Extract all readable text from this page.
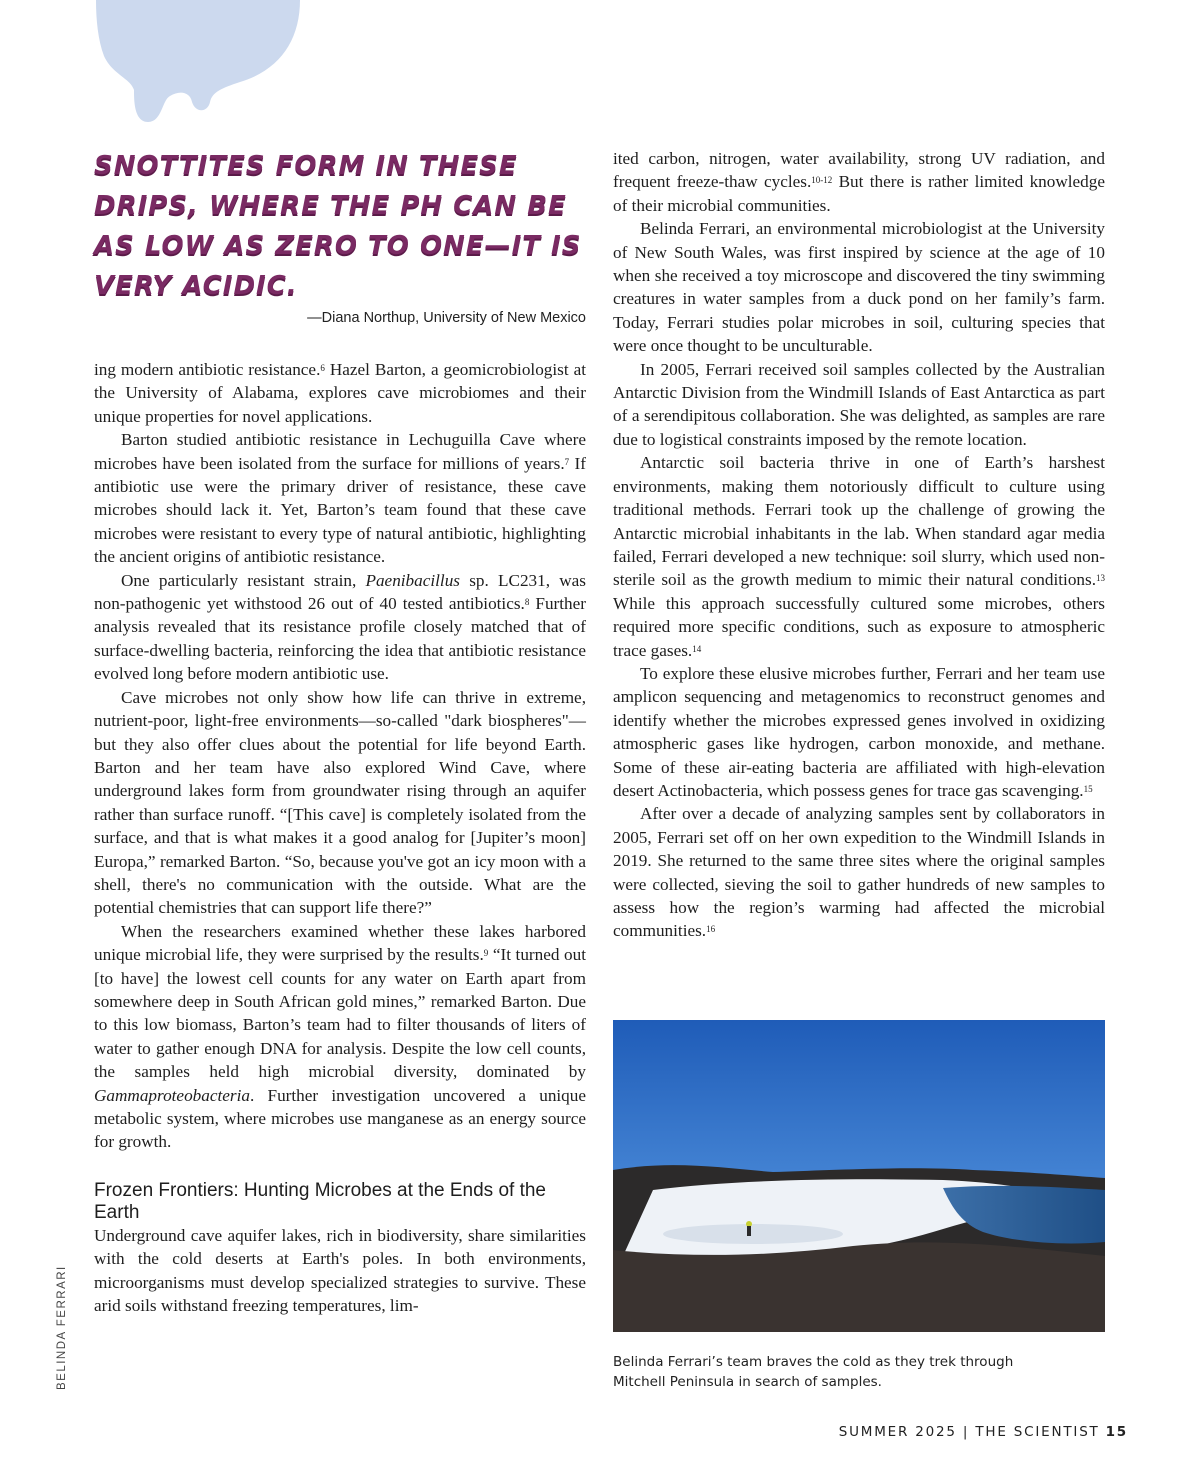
SNOTTITES FORM IN THESE DRIPS, WHERE THE PH CAN BE AS LOW AS ZERO TO ONE—IT IS VERY ACIDIC.

—Diana Northup, University of New Mexico

ing modern antibiotic resistance.$^6$ Hazel Barton, a geomicrobiologist at the University of Alabama, explores cave microbiomes and their unique properties for novel applications.

Barton studied antibiotic resistance in Lechuguilla Cave where microbes have been isolated from the surface for millions of years.$^7$ If antibiotic use were the primary driver of resistance, these cave microbes should lack it. Yet, Barton’s team found that these cave microbes were resistant to every type of natural antibiotic, highlighting the ancient origins of antibiotic resistance.

One particularly resistant strain, Paenibacillus sp. LC231, was non-pathogenic yet withstood 26 out of 40 tested antibiotics.$^8$ Further analysis revealed that its resistance profile closely matched that of surface-dwelling bacteria, reinforcing the idea that antibiotic resistance evolved long before modern antibiotic use.

Cave microbes not only show how life can thrive in extreme, nutrient-poor, light-free environments—so-called "dark biospheres"—but they also offer clues about the potential for life beyond Earth. Barton and her team have also explored Wind Cave, where underground lakes form from groundwater rising through an aquifer rather than surface runoff. “[This cave] is completely isolated from the surface, and that is what makes it a good analog for [Jupiter’s moon] Europa,” remarked Barton. “So, because you've got an icy moon with a shell, there's no communication with the outside. What are the potential chemistries that can support life there?”

When the researchers examined whether these lakes harbored unique microbial life, they were surprised by the results.$^9$ “It turned out [to have] the lowest cell counts for any water on Earth apart from somewhere deep in South African gold mines,” remarked Barton. Due to this low biomass, Barton’s team had to filter thousands of liters of water to gather enough DNA for analysis. Despite the low cell counts, the samples held high microbial diversity, dominated by Gammaproteobacteria. Further investigation uncovered a unique metabolic system, where microbes use manganese as an energy source for growth.

Frozen Frontiers: Hunting Microbes at the Ends of the Earth

Underground cave aquifer lakes, rich in biodiversity, share similarities with the cold deserts at Earth's poles. In both environments, microorganisms must develop specialized strategies to survive. These arid soils withstand freezing temperatures, lim-

ited carbon, nitrogen, water availability, strong UV radiation, and frequent freeze-thaw cycles.$^{10-12}$ But there is rather limited knowledge of their microbial communities.

Belinda Ferrari, an environmental microbiologist at the University of New South Wales, was first inspired by science at the age of 10 when she received a toy microscope and discovered the tiny swimming creatures in water samples from a duck pond on her family’s farm. Today, Ferrari studies polar microbes in soil, culturing species that were once thought to be unculturable.

In 2005, Ferrari received soil samples collected by the Australian Antarctic Division from the Windmill Islands of East Antarctica as part of a serendipitous collaboration. She was delighted, as samples are rare due to logistical constraints imposed by the remote location.

Antarctic soil bacteria thrive in one of Earth’s harshest environments, making them notoriously difficult to culture using traditional methods. Ferrari took up the challenge of growing the Antarctic microbial inhabitants in the lab. When standard agar media failed, Ferrari developed a new technique: soil slurry, which used non-sterile soil as the growth medium to mimic their natural conditions.$^{13}$ While this approach successfully cultured some microbes, others required more specific conditions, such as exposure to atmospheric trace gases.$^{14}$

To explore these elusive microbes further, Ferrari and her team use amplicon sequencing and metagenomics to reconstruct genomes and identify whether the microbes expressed genes involved in oxidizing atmospheric gases like hydrogen, carbon monoxide, and methane. Some of these air-eating bacteria are affiliated with high-elevation desert Actinobacteria, which possess genes for trace gas scavenging.$^{15}$

After over a decade of analyzing samples sent by collaborators in 2005, Ferrari set off on her own expedition to the Windmill Islands in 2019. She returned to the same three sites where the original samples were collected, sieving the soil to gather hundreds of new samples to assess how the region’s warming had affected the microbial communities.$^{16}$

Belinda Ferrari’s team braves the cold as they trek through Mitchell Peninsula in search of samples.
BELINDA FERRARI
SUMMER 2025 | THE SCIENTIST 15
